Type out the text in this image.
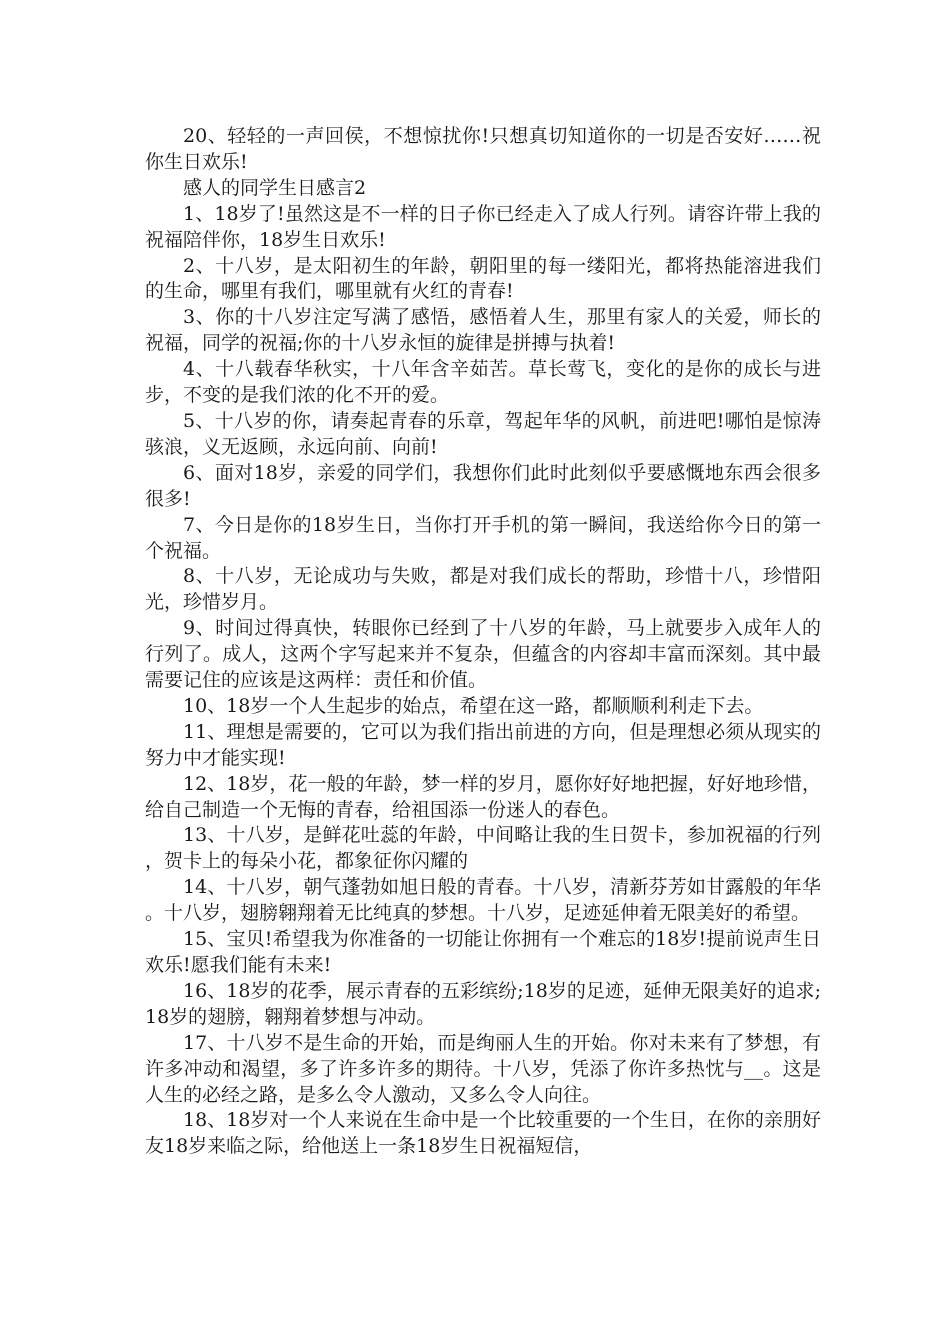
20、轻轻的一声回侯，不想惊扰你!只想真切知道你的一切是否安好……祝你生日欢乐!

感人的同学生日感言2

1、18岁了!虽然这是不一样的日子你已经走入了成人行列。请容许带上我的祝福陪伴你，18岁生日欢乐!

2、十八岁，是太阳初生的年龄，朝阳里的每一缕阳光，都将热能溶进我们的生命，哪里有我们，哪里就有火红的青春!

3、你的十八岁注定写满了感悟，感悟着人生，那里有家人的关爱，师长的祝福，同学的祝福;你的十八岁永恒的旋律是拼搏与执着!

4、十八载春华秋实，十八年含辛茹苦。草长莺飞，变化的是你的成长与进步，不变的是我们浓的化不开的爱。

5、十八岁的你，请奏起青春的乐章，驾起年华的风帆，前进吧!哪怕是惊涛骇浪，义无返顾，永远向前、向前!

6、面对18岁，亲爱的同学们，我想你们此时此刻似乎要感慨地东西会很多很多!

7、今日是你的18岁生日，当你打开手机的第一瞬间，我送给你今日的第一个祝福。

8、十八岁，无论成功与失败，都是对我们成长的帮助，珍惜十八，珍惜阳光，珍惜岁月。

9、时间过得真快，转眼你已经到了十八岁的年龄，马上就要步入成年人的行列了。成人，这两个字写起来并不复杂，但蕴含的内容却丰富而深刻。其中最需要记住的应该是这两样：责任和价值。

10、18岁一个人生起步的始点，希望在这一路，都顺顺利利走下去。

11、理想是需要的，它可以为我们指出前进的方向，但是理想必须从现实的努力中才能实现!

12、18岁，花一般的年龄，梦一样的岁月，愿你好好地把握，好好地珍惜，给自己制造一个无悔的青春，给祖国添一份迷人的春色。

13、十八岁，是鲜花吐蕊的年龄，中间略让我的生日贺卡，参加祝福的行列，贺卡上的每朵小花，都象征你闪耀的

14、十八岁，朝气蓬勃如旭日般的青春。十八岁，清新芬芳如甘露般的年华。十八岁，翅膀翱翔着无比纯真的梦想。十八岁，足迹延伸着无限美好的希望。

15、宝贝!希望我为你准备的一切能让你拥有一个难忘的18岁!提前说声生日欢乐!愿我们能有未来!

16、18岁的花季，展示青春的五彩缤纷;18岁的足迹，延伸无限美好的追求;18岁的翅膀，翱翔着梦想与冲动。

17、十八岁不是生命的开始，而是绚丽人生的开始。你对未来有了梦想，有许多冲动和渴望，多了许多许多的期待。十八岁，凭添了你许多热忱与__。这是人生的必经之路，是多么令人激动，又多么令人向往。

18、18岁对一个人来说在生命中是一个比较重要的一个生日，在你的亲朋好友18岁来临之际，给他送上一条18岁生日祝福短信，
